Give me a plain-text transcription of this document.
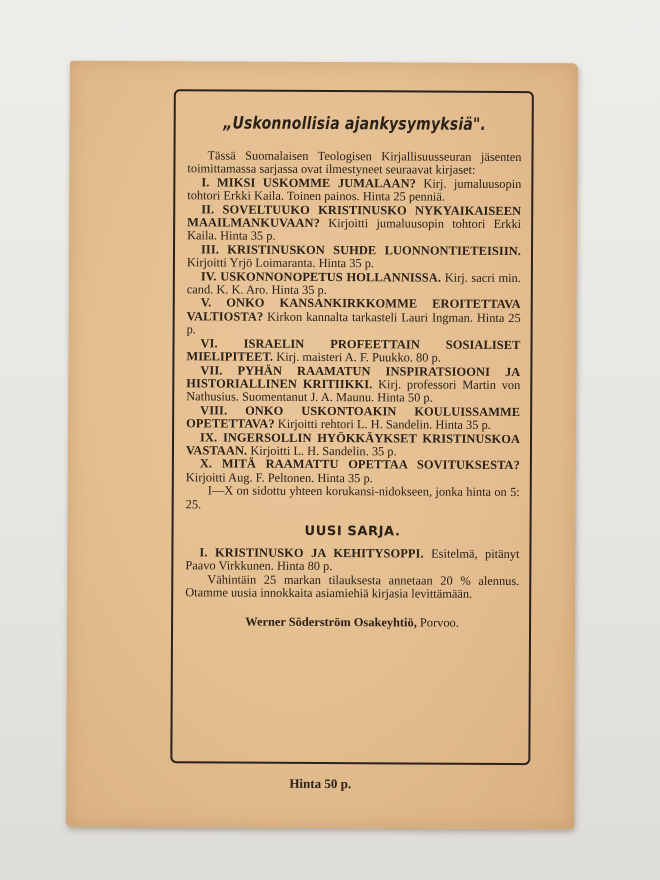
„Uskonnollisia ajankysymyksiä".

Tässä Suomalaisen Teologisen Kirjallisuusseuran jäsenten toimittamassa sarjassa ovat ilmestyneet seuraavat kirjaset:

I. MIKSI USKOMME JUMALAAN? Kirj. jumaluusopin tohtori Erkki Kaila. Toinen painos. Hinta 25 penniä.

II. SOVELTUUKO KRISTINUSKO NYKYAIKAISEEN MAAILMANKUVAAN? Kirjoitti jumaluusopin tohtori Erkki Kaila. Hinta 35 p.

III. KRISTINUSKON SUHDE LUONNONTIETEISIIN. Kirjoitti Yrjö Loimaranta. Hinta 35 p.

IV. USKONNONOPETUS HOLLANNISSA. Kirj. sacri min. cand. K. K. Aro. Hinta 35 p.

V. ONKO KANSANKIRKKOMME EROITETTAVA VALTIOSTA? Kirkon kannalta tarkasteli Lauri Ingman. Hinta 25 p.

VI. ISRAELIN PROFEETTAIN SOSIALISET MIELIPITEET. Kirj. maisteri A. F. Puukko. 80 p.

VII. PYHÄN RAAMATUN INSPIRATSIOONI JA HISTORIALLINEN KRITIIKKI. Kirj. professori Martin von Nathusius. Suomentanut J. A. Maunu. Hinta 50 p.

VIII. ONKO USKONTOAKIN KOULUISSAMME OPETETTAVA? Kirjoitti rehtori L. H. Sandelin. Hinta 35 p.

IX. INGERSOLLIN HYÖKKÄYKSET KRISTINUSKOA VASTAAN. Kirjoitti L. H. Sandelin. 35 p.

X. MITÄ RAAMATTU OPETTAA SOVITUKSESTA? Kirjoitti Aug. F. Peltonen. Hinta 35 p.

I—X on sidottu yhteen korukansi-nidokseen, jonka hinta on 5: 25.

UUSI SARJA.

I. KRISTINUSKO JA KEHITYSOPPI. Esitelmä, pitänyt Paavo Virkkunen. Hinta 80 p.

Vähintäin 25 markan tilauksesta annetaan 20 % alennus. Otamme uusia innokkaita asiamiehiä kirjasia levittämään.

Werner Söderström Osakeyhtiö, Porvoo.
Hinta 50 p.
